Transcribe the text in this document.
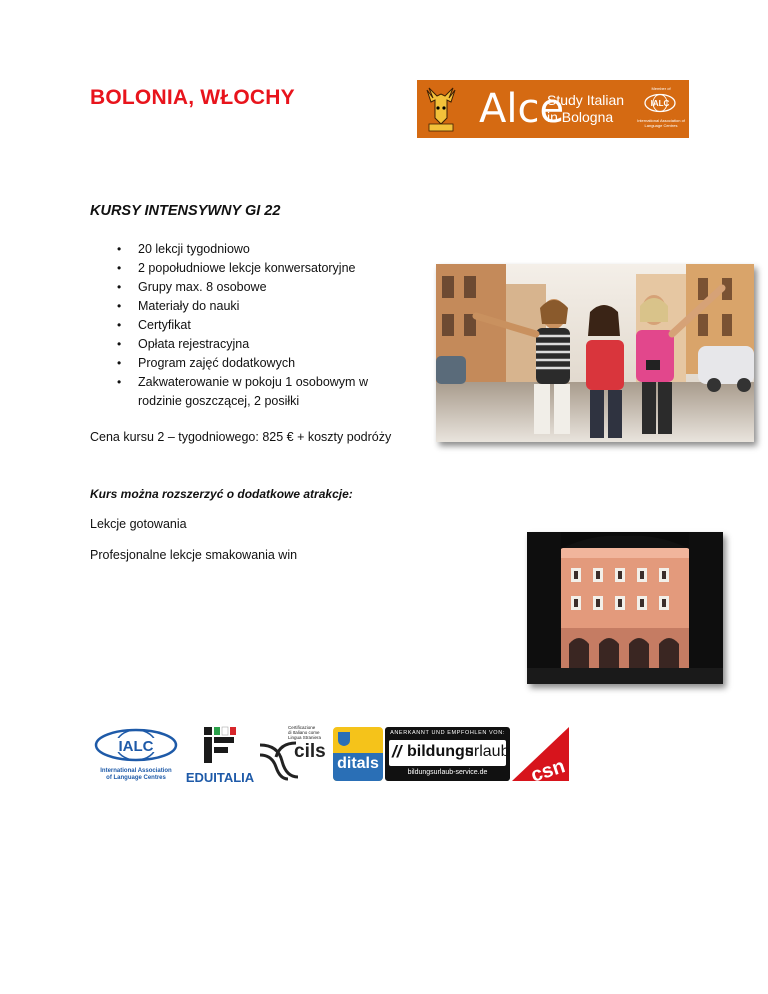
BOLONIA, WŁOCHY	Alce
Study Italian
in Bologna
Member of
IALC
International Association of Language Centres
KURSY INTENSYWNY GI 22
• 20 lekcji tygodniowo
• 2 popołudniowe lekcje konwersatoryjne
• Grupy max. 8 osobowe
• Materiały do nauki
• Certyfikat
• Opłata rejestracyjna
• Program zajęć dodatkowych
• Zakwaterowanie w pokoju 1 osobowym w rodzinie goszczącej, 2 posiłki
Cena kursu 2 – tygodniowego: 825 € + koszty podróży
Kurs można rozszerzyć o dodatkowe atrakcje:
Lekcje gotowania
Profesjonalne lekcje smakowania win
IALC
International Association
of Language Centres	EDUITALIA
Certificazione
di Italiano come
Lingua Straniera
cils
ditals
ANERKANNT UND EMPFOHLEN VON:
// bildungs
urlaub
bildungsurlaub-service.de	csn
